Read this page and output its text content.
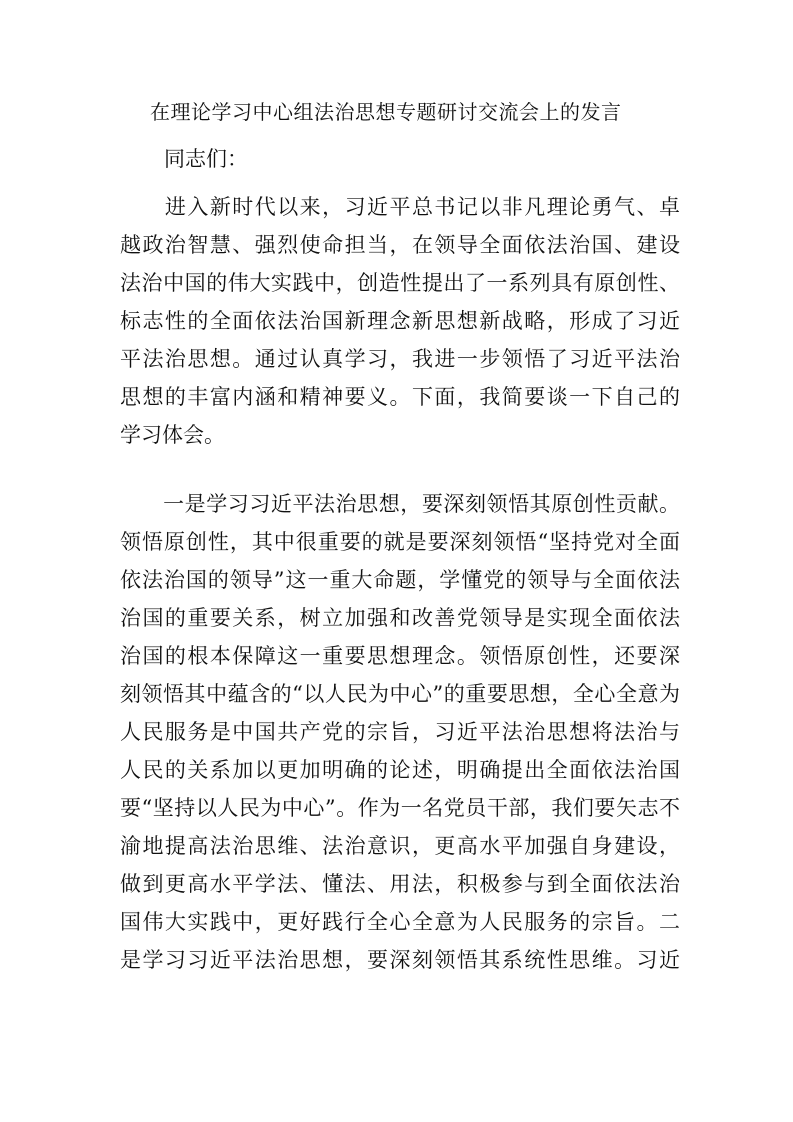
在理论学习中心组法治思想专题研讨交流会上的发言
同志们：
　　进入新时代以来，习近平总书记以非凡理论勇气、卓
越政治智慧、强烈使命担当，在领导全面依法治国、建设
法治中国的伟大实践中，创造性提出了一系列具有原创性、
标志性的全面依法治国新理念新思想新战略，形成了习近
平法治思想。通过认真学习，我进一步领悟了习近平法治
思想的丰富内涵和精神要义。下面，我简要谈一下自己的
学习体会。
　　一是学习习近平法治思想，要深刻领悟其原创性贡献。
领悟原创性，其中很重要的就是要深刻领悟“坚持党对全面
依法治国的领导”这一重大命题，学懂党的领导与全面依法
治国的重要关系，树立加强和改善党领导是实现全面依法
治国的根本保障这一重要思想理念。领悟原创性，还要深
刻领悟其中蕴含的“以人民为中心”的重要思想，全心全意为
人民服务是中国共产党的宗旨，习近平法治思想将法治与
人民的关系加以更加明确的论述，明确提出全面依法治国
要“坚持以人民为中心”。作为一名党员干部，我们要矢志不
渝地提高法治思维、法治意识，更高水平加强自身建设，
做到更高水平学法、懂法、用法，积极参与到全面依法治
国伟大实践中，更好践行全心全意为人民服务的宗旨。二
是学习习近平法治思想，要深刻领悟其系统性思维。习近
